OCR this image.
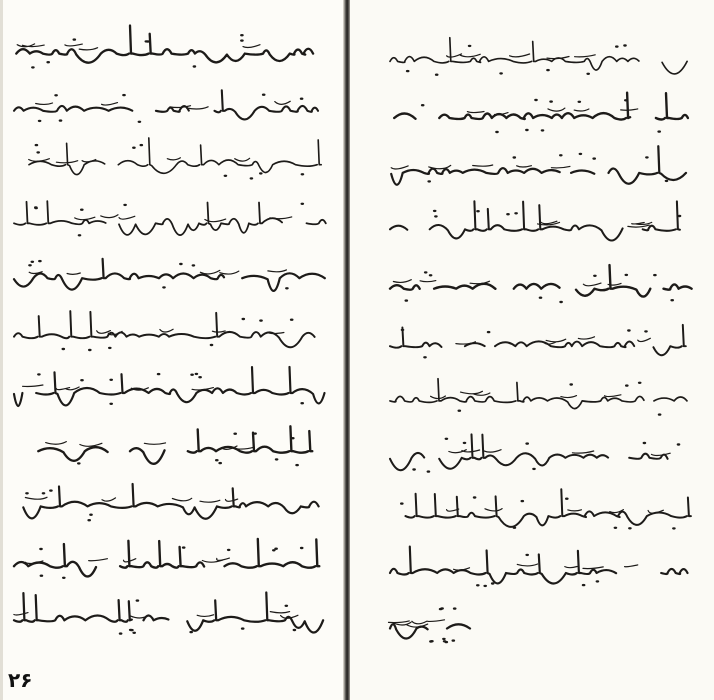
۲۶
